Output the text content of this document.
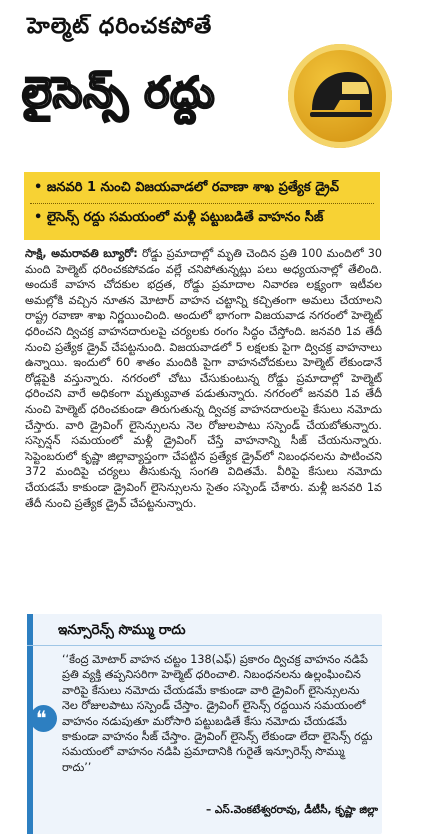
హెల్మెట్ ధరించకపోతే
లైసెన్స్ రద్దు
• జనవరి 1 నుంచి విజయవాడలో రవాణా శాఖ ప్రత్యేక డ్రైవ్
• లైసెన్స్ రద్దు సమయంలో మళ్లీ పట్టుబడితే వాహనం సీజ్
సాక్షి, అమరావతి బ్యూరో: రోడ్డు ప్రమాదాల్లో మృతి చెందిన ప్రతి 100 మందిలో 30 మంది హెల్మెట్ ధరించకపోవడం వల్లే చనిపోతున్నట్లు పలు అధ్యయనాల్లో తేలింది. అందుకే వాహన చోదకుల భద్రత, రోడ్డు ప్రమాదాల నివారణ లక్ష్యంగా ఇటీవల అమల్లోకి వచ్చిన నూతన మోటార్ వాహన చట్టాన్ని కచ్చితంగా అమలు చేయాలని రాష్ట్ర రవాణా శాఖ నిర్ణయించింది. అందులో భాగంగా విజయవాడ నగరంలో హెల్మెట్ ధరించని ద్విచక్ర వాహనదారులపై చర్యలకు రంగం సిద్ధం చేస్తోంది. జనవరి 1వ తేదీ నుంచి ప్రత్యేక డ్రైవ్ చేపట్టనుంది. విజయవాడలో 5 లక్షలకు పైగా ద్విచక్ర వాహనాలు ఉన్నాయి. ఇందులో 60 శాతం మందికి పైగా వాహనచోదకులు హెల్మెట్ లేకుండానే రోడ్లపైకి వస్తున్నారు. నగరంలో చోటు చేసుకుంటున్న రోడ్డు ప్రమాదాల్లో హెల్మెట్ ధరించని వారే అధికంగా మృత్యువాత పడుతున్నారు. నగరంలో జనవరి 1వ తేదీ నుంచి హెల్మెట్ ధరించకుండా తిరుగుతున్న ద్విచక్ర వాహనదారులపై కేసులు నమోదు చేస్తారు. వారి డ్రైవింగ్ లైసెన్సులను నెల రోజులపాటు సస్పెండ్ చేయబోతున్నారు. సస్పెన్షన్ సమయంలో మళ్లీ డ్రైవింగ్ చేస్తే వాహనాన్ని సీజ్ చేయనున్నారు. సెప్టెంబరులో కృష్ణా జిల్లావ్యాప్తంగా చేపట్టిన ప్రత్యేక డ్రైవ్‌లో నిబంధనలను పాటించని 372 మందిపై చర్యలు తీసుకున్న సంగతి విదితమే. వీరిపై కేసులు నమోదు చేయడమే కాకుండా డ్రైవింగ్ లైసెన్సులను సైతం సస్పెండ్ చేశారు. మళ్లీ జనవరి 1వ తేదీ నుంచి ప్రత్యేక డ్రైవ్ చేపట్టనున్నారు.
ఇన్సూరెన్స్ సొమ్ము రాదు
❝
‘‘కేంద్ర మోటార్ వాహన చట్టం 138(ఎఫ్) ప్రకారం ద్విచక్ర వాహనం నడిపే ప్రతి వ్యక్తి తప్పనిసరిగా హెల్మెట్ ధరించాలి. నిబంధనలను ఉల్లంఘించిన వారిపై కేసులు నమోదు చేయడమే కాకుండా వారి డ్రైవింగ్ లైసెన్సులను నెల రోజులపాటు సస్పెండ్ చేస్తాం. డ్రైవింగ్ లైసెన్స్ రద్దయిన సమయంలో వాహనం నడుపుతూ మరోసారి పట్టుబడితే కేసు నమోదు చేయడమే కాకుండా వాహనం సీజ్ చేస్తాం. డ్రైవింగ్ లైసెన్స్ లేకుండా లేదా లైసెన్స్ రద్దు సమయంలో వాహనం నడిపి ప్రమాదానికి గురైతే ఇన్సూరెన్స్ సొమ్ము రాదు’’
– ఎస్.వెంకటేశ్వరరావు, డీటీసీ, కృష్ణా జిల్లా
